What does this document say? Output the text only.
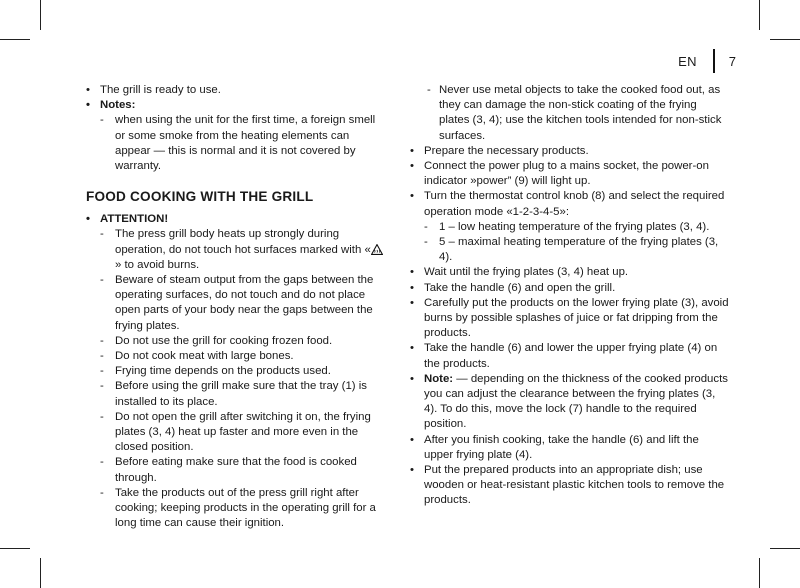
EN 7
• The grill is ready to use.
• Notes:
- when using the unit for the first time, a foreign smell or some smoke from the heating elements can appear — this is normal and it is not covered by warranty.
FOOD COOKING WITH THE GRILL
• ATTENTION!
- The press grill body heats up strongly during operation, do not touch hot surfaces marked with «» to avoid burns.
- Beware of steam output from the gaps between the operating surfaces, do not touch and do not place open parts of your body near the gaps between the frying plates.
- Do not use the grill for cooking frozen food.
- Do not cook meat with large bones.
- Frying time depends on the products used.
- Before using the grill make sure that the tray (1) is installed to its place.
- Do not open the grill after switching it on, the frying plates (3, 4) heat up faster and more even in the closed position.
- Before eating make sure that the food is cooked through.
- Take the products out of the press grill right after cooking; keeping products in the operating grill for a long time can cause their ignition.
- Never use metal objects to take the cooked food out, as they can damage the non-stick coating of the frying plates (3, 4); use the kitchen tools intended for non-stick surfaces.
• Prepare the necessary products.
• Connect the power plug to a mains socket, the power-on indicator »power” (9) will light up.
• Turn the thermostat control knob (8) and select the required operation mode «1-2-3-4-5»:
- 1 – low heating temperature of the frying plates (3, 4).
- 5 – maximal heating temperature of the frying plates (3, 4).
• Wait until the frying plates (3, 4) heat up.
• Take the handle (6) and open the grill.
• Carefully put the products on the lower frying plate (3), avoid burns by possible splashes of juice or fat dripping from the products.
• Take the handle (6) and lower the upper frying plate (4) on the products.
• Note: — depending on the thickness of the cooked products you can adjust the clearance between the frying plates (3, 4). To do this, move the lock (7) handle to the required position.
• After you finish cooking, take the handle (6) and lift the upper frying plate (4).
• Put the prepared products into an appropriate dish; use wooden or heat-resistant plastic kitchen tools to remove the products.
